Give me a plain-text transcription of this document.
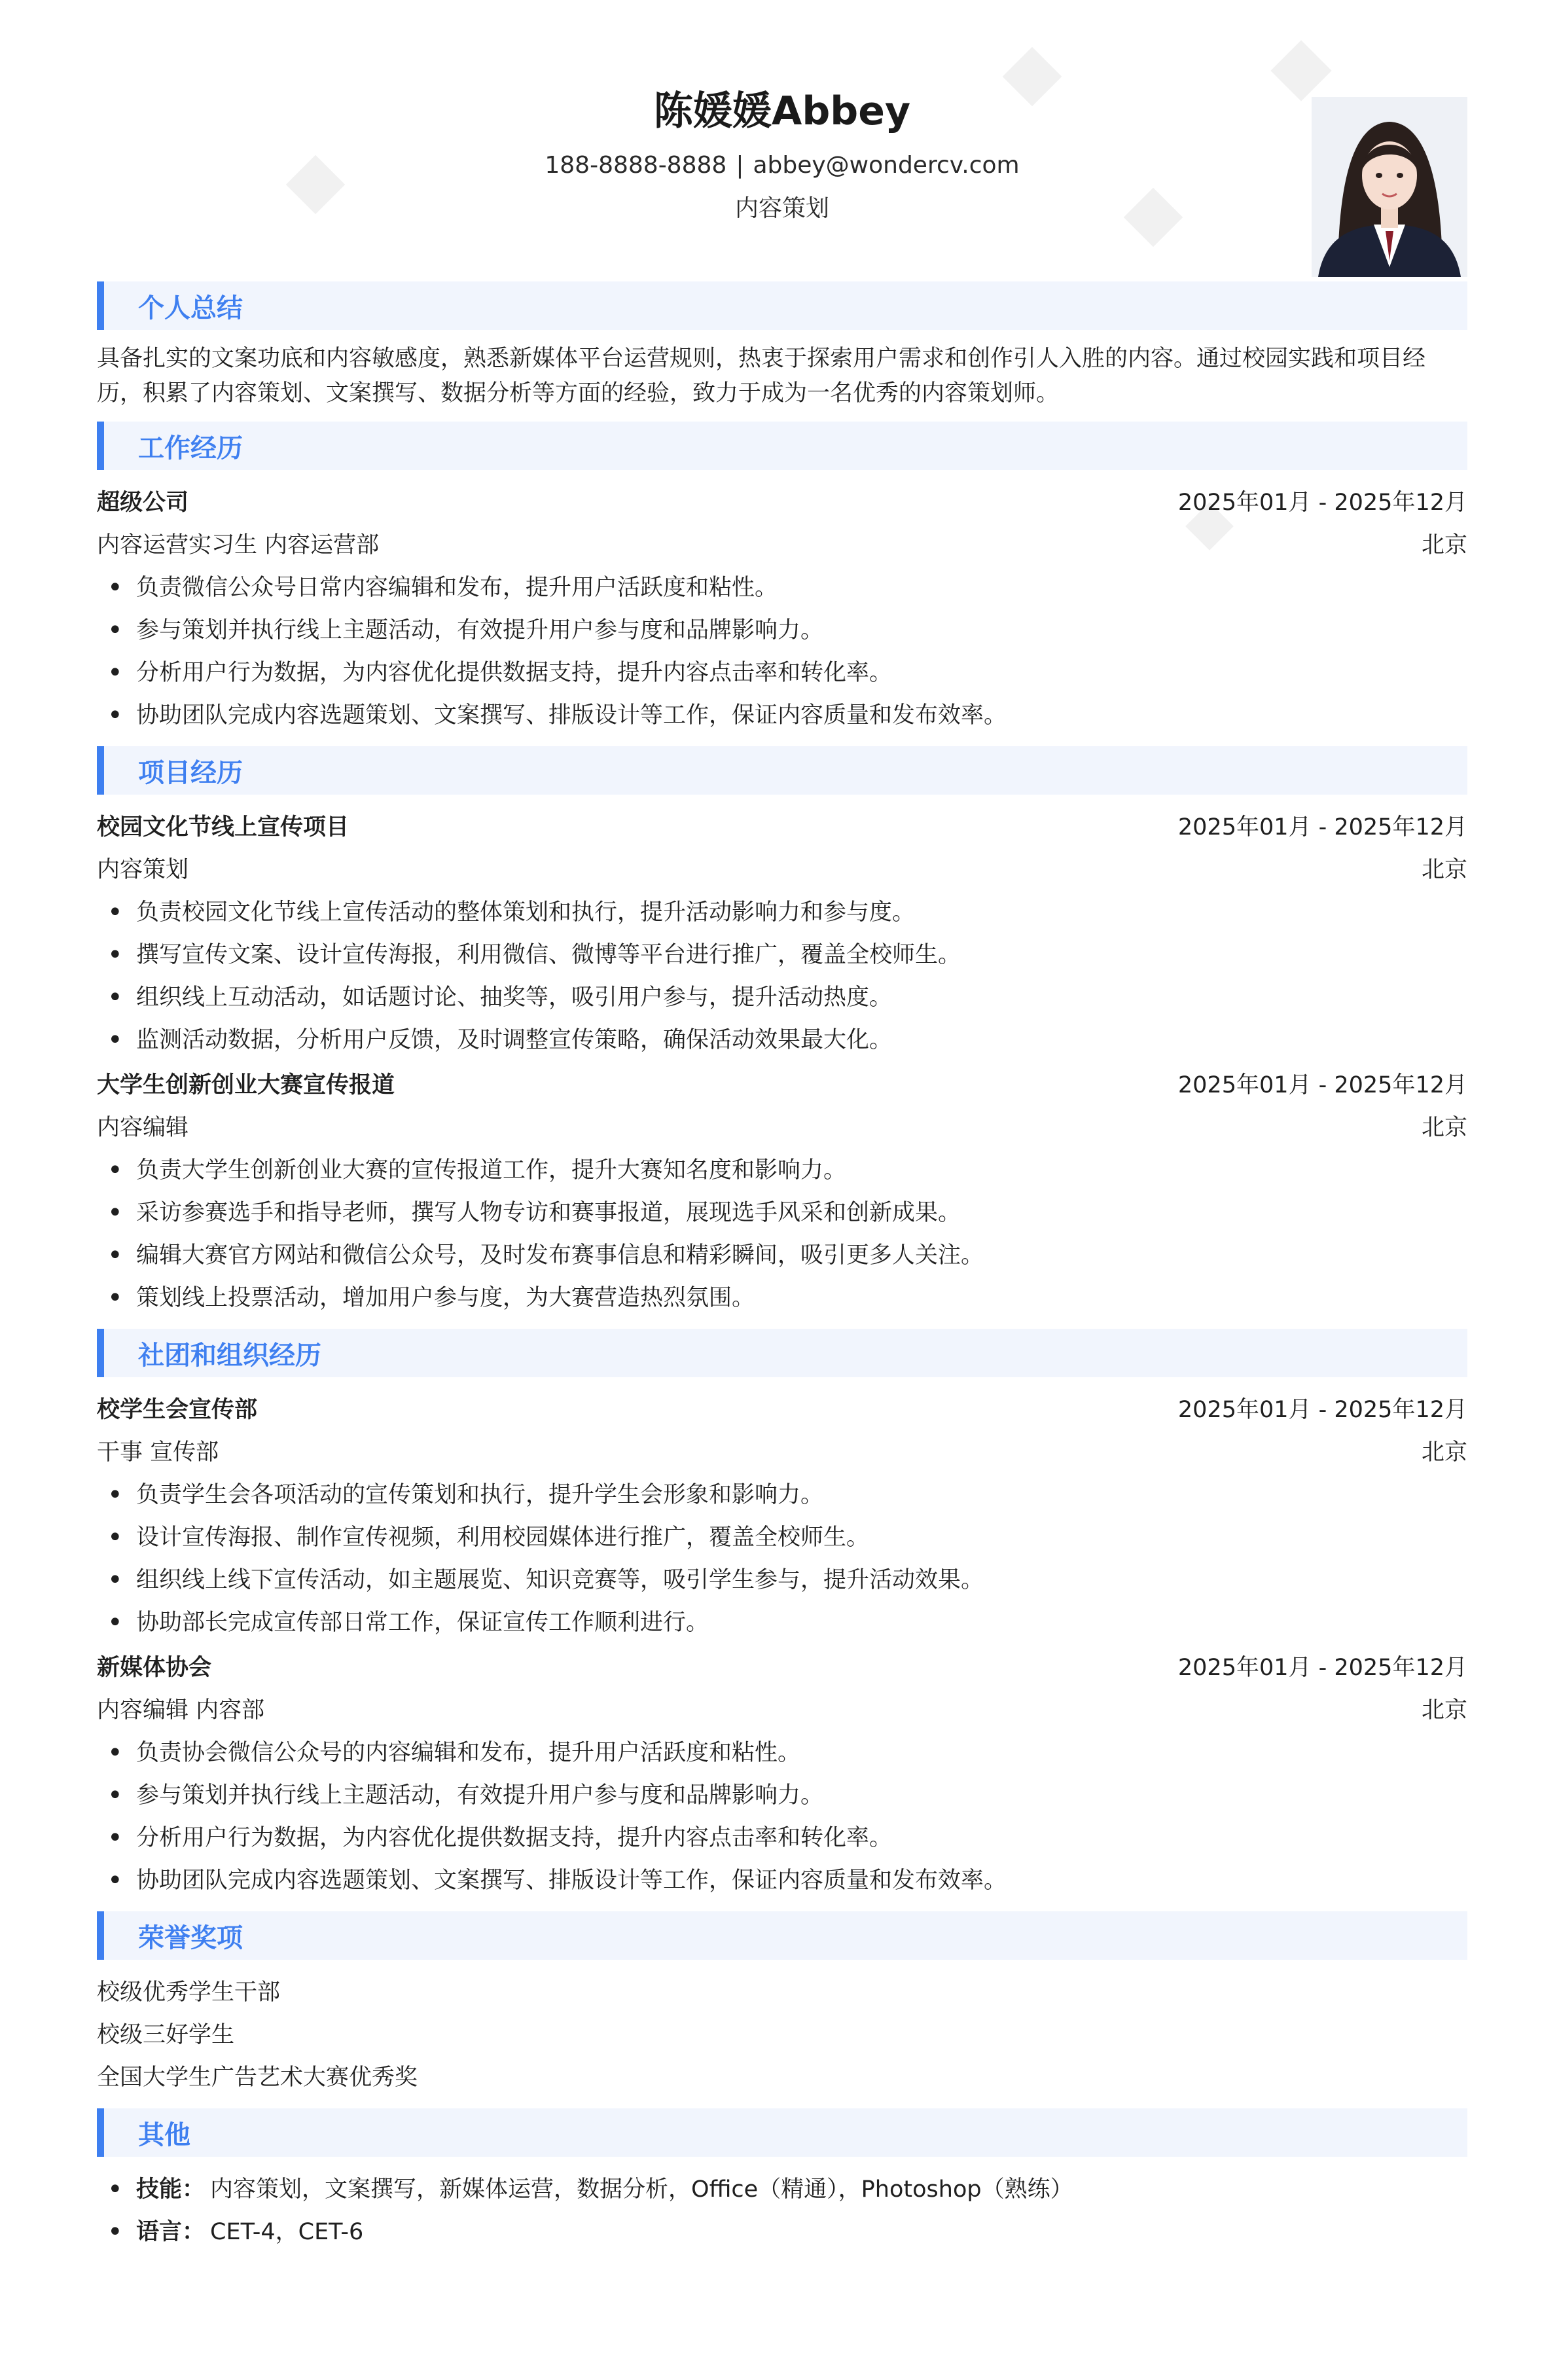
陈媛媛Abbey
188-8888-8888 | abbey@wondercv.com
内容策划
个人总结
具备扎实的文案功底和内容敏感度，熟悉新媒体平台运营规则，热衷于探索用户需求和创作引人入胜的内容。通过校园实践和项目经历，积累了内容策划、文案撰写、数据分析等方面的经验，致力于成为一名优秀的内容策划师。
工作经历
超级公司	2025年01月 - 2025年12月
内容运营实习生 内容运营部	北京
• 负责微信公众号日常内容编辑和发布，提升用户活跃度和粘性。
• 参与策划并执行线上主题活动，有效提升用户参与度和品牌影响力。
• 分析用户行为数据，为内容优化提供数据支持，提升内容点击率和转化率。
• 协助团队完成内容选题策划、文案撰写、排版设计等工作，保证内容质量和发布效率。
项目经历
校园文化节线上宣传项目	2025年01月 - 2025年12月
内容策划	北京
• 负责校园文化节线上宣传活动的整体策划和执行，提升活动影响力和参与度。
• 撰写宣传文案、设计宣传海报，利用微信、微博等平台进行推广，覆盖全校师生。
• 组织线上互动活动，如话题讨论、抽奖等，吸引用户参与，提升活动热度。
• 监测活动数据，分析用户反馈，及时调整宣传策略，确保活动效果最大化。
大学生创新创业大赛宣传报道	2025年01月 - 2025年12月
内容编辑	北京
• 负责大学生创新创业大赛的宣传报道工作，提升大赛知名度和影响力。
• 采访参赛选手和指导老师，撰写人物专访和赛事报道，展现选手风采和创新成果。
• 编辑大赛官方网站和微信公众号，及时发布赛事信息和精彩瞬间，吸引更多人关注。
• 策划线上投票活动，增加用户参与度，为大赛营造热烈氛围。
社团和组织经历
校学生会宣传部	2025年01月 - 2025年12月
干事 宣传部	北京
• 负责学生会各项活动的宣传策划和执行，提升学生会形象和影响力。
• 设计宣传海报、制作宣传视频，利用校园媒体进行推广，覆盖全校师生。
• 组织线上线下宣传活动，如主题展览、知识竞赛等，吸引学生参与，提升活动效果。
• 协助部长完成宣传部日常工作，保证宣传工作顺利进行。
新媒体协会	2025年01月 - 2025年12月
内容编辑 内容部	北京
• 负责协会微信公众号的内容编辑和发布，提升用户活跃度和粘性。
• 参与策划并执行线上主题活动，有效提升用户参与度和品牌影响力。
• 分析用户行为数据，为内容优化提供数据支持，提升内容点击率和转化率。
• 协助团队完成内容选题策划、文案撰写、排版设计等工作，保证内容质量和发布效率。
荣誉奖项
校级优秀学生干部
校级三好学生
全国大学生广告艺术大赛优秀奖
其他
• 技能： 内容策划，文案撰写，新媒体运营，数据分析，Office（精通），Photoshop（熟练）
• 语言： CET-4，CET-6
